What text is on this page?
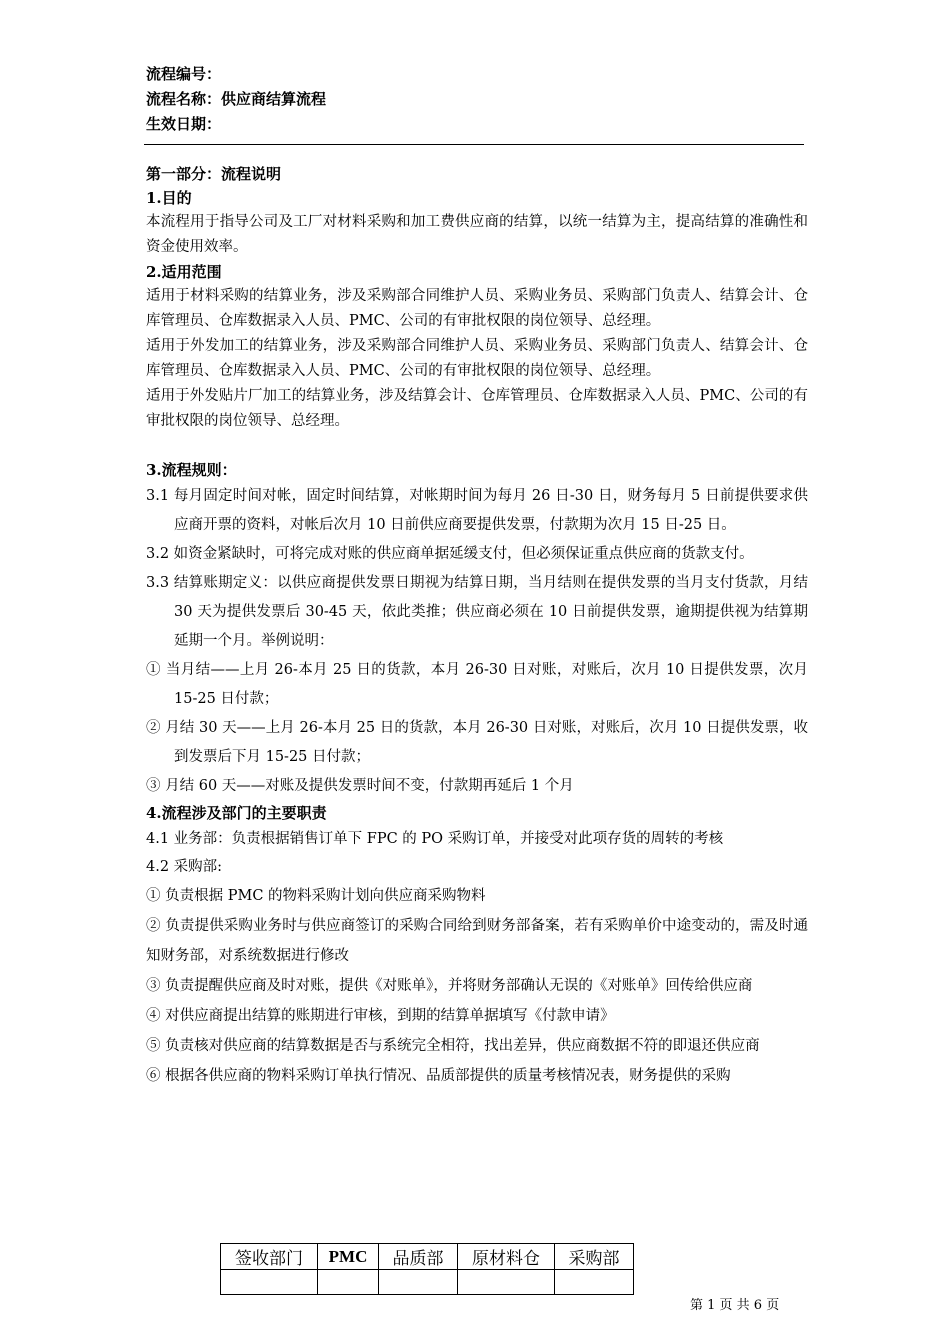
流程编号：
流程名称：供应商结算流程
生效日期：
第一部分：流程说明
1.目的
本流程用于指导公司及工厂对材料采购和加工费供应商的结算，以统一结算为主，提高结算的准确性和资金使用效率。
2.适用范围
适用于材料采购的结算业务，涉及采购部合同维护人员、采购业务员、采购部门负责人、结算会计、仓库管理员、仓库数据录入人员、PMC、公司的有审批权限的岗位领导、总经理。
适用于外发加工的结算业务，涉及采购部合同维护人员、采购业务员、采购部门负责人、结算会计、仓库管理员、仓库数据录入人员、PMC、公司的有审批权限的岗位领导、总经理。
适用于外发贴片厂加工的结算业务，涉及结算会计、仓库管理员、仓库数据录入人员、PMC、公司的有审批权限的岗位领导、总经理。
3.流程规则：
3.1 每月固定时间对帐，固定时间结算，对帐期时间为每月 26 日-30 日，财务每月 5 日前提供要求供应商开票的资料，对帐后次月 10 日前供应商要提供发票，付款期为次月 15 日-25 日。
3.2 如资金紧缺时，可将完成对账的供应商单据延缓支付，但必须保证重点供应商的货款支付。
3.3 结算账期定义：以供应商提供发票日期视为结算日期，当月结则在提供发票的当月支付货款，月结 30 天为提供发票后 30-45 天，依此类推；供应商必须在 10 日前提供发票，逾期提供视为结算期延期一个月。举例说明：
① 当月结——上月 26-本月 25 日的货款，本月 26-30 日对账，对账后，次月 10 日提供发票，次月 15-25 日付款；
② 月结 30 天——上月 26-本月 25 日的货款，本月 26-30 日对账，对账后，次月 10 日提供发票，收到发票后下月 15-25 日付款；
③ 月结 60 天——对账及提供发票时间不变，付款期再延后 1 个月
4.流程涉及部门的主要职责
4.1 业务部：负责根据销售订单下 FPC 的 PO 采购订单，并接受对此项存货的周转的考核
4.2 采购部:
① 负责根据 PMC 的物料采购计划向供应商采购物料
② 负责提供采购业务时与供应商签订的采购合同给到财务部备案，若有采购单价中途变动的，需及时通知财务部，对系统数据进行修改
③ 负责提醒供应商及时对账，提供《对账单》，并将财务部确认无误的《对账单》回传给供应商
④ 对供应商提出结算的账期进行审核，到期的结算单据填写《付款申请》
⑤ 负责核对供应商的结算数据是否与系统完全相符，找出差异，供应商数据不符的即退还供应商
⑥ 根据各供应商的物料采购订单执行情况、品质部提供的质量考核情况表，财务提供的采购
签收部门	PMC	品质部	原材料仓	采购部

第 1 页 共 6 页
